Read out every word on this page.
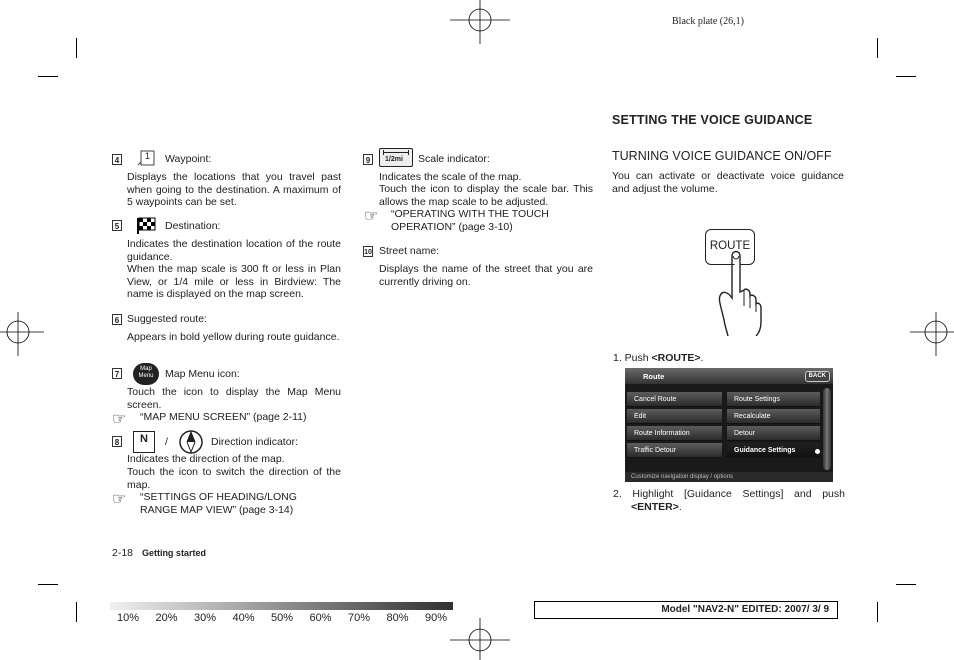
Black plate (26,1)
4	1 Waypoint:
Displays the locations that you travel past when going to the destination. A maximum of 5 waypoints can be set.
5	Destination:
Indicates the destination location of the route guidance.
When the map scale is 300 ft or less in Plan View, or 1/4 mile or less in Birdview: The name is displayed on the map screen.
6 Suggested route:
Appears in bold yellow during route guidance.
7
Map
Menu	Map Menu icon:
Touch the icon to display the Map Menu screen.
☞ “MAP MENU SCREEN” (page 2-11)
8	N	/	Direction indicator:
Indicates the direction of the map.
Touch the icon to switch the direction of the map.
☞ “SETTINGS OF HEADING/LONG RANGE MAP VIEW” (page 3-14)
9	1/2mi Scale indicator:
Indicates the scale of the map.
Touch the icon to display the scale bar. This allows the map scale to be adjusted.
☞ “OPERATING WITH THE TOUCH OPERATION” (page 3-10)
10 Street name:
Displays the name of the street that you are currently driving on.
SETTING THE VOICE GUIDANCE
TURNING VOICE GUIDANCE ON/OFF
You can activate or deactivate voice guidance and adjust the volume.
ROUTE
1. Push <ROUTE>.
Route	BACK
Cancel Route
Edit
Route Information
Traffic Detour
Route Settings
Recalculate
Detour
Guidance Settings
Customize navigation display / options
2. Highlight [Guidance Settings] and push
<ENTER>.
2-18 Getting started
10%	20%	30%	40%	50%	60%	70%	80%	90%
Model "NAV2-N" EDITED: 2007/ 3/ 9
